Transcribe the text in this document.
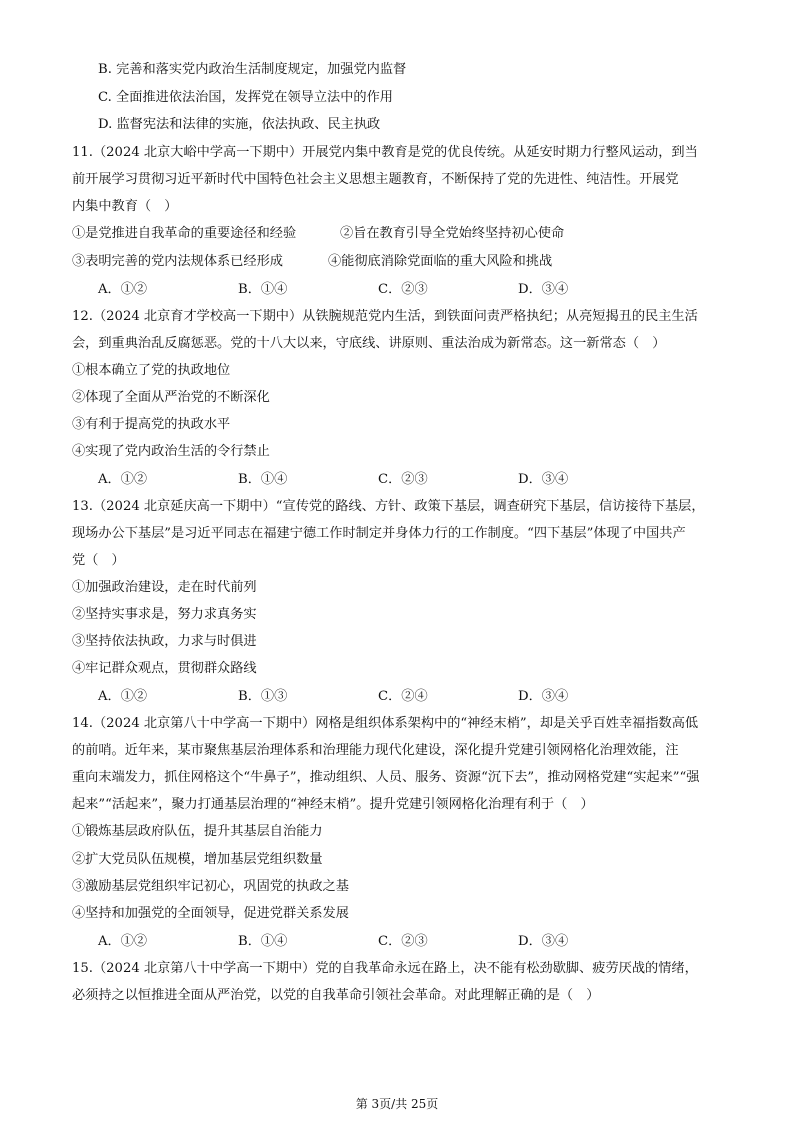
B. 完善和落实党内政治生活制度规定，加强党内监督
C. 全面推进依法治国，发挥党在领导立法中的作用
D. 监督宪法和法律的实施，依法执政、民主执政
11.（2024 北京大峪中学高一下期中）开展党内集中教育是党的优良传统。从延安时期力行整风运动，到当
前开展学习贯彻习近平新时代中国特色社会主义思想主题教育，不断保持了党的先进性、纯洁性。开展党
内集中教育（　）
①是党推进自我革命的重要途径和经验	②旨在教育引导全党始终坚持初心使命
③表明完善的党内法规体系已经形成	④能彻底消除党面临的重大风险和挑战
A．①②	B．①④	C．②③	D．③④
12.（2024 北京育才学校高一下期中）从铁腕规范党内生活，到铁面问责严格执纪；从亮短揭丑的民主生活
会，到重典治乱反腐惩恶。党的十八大以来，守底线、讲原则、重法治成为新常态。这一新常态（　）
①根本确立了党的执政地位
②体现了全面从严治党的不断深化
③有利于提高党的执政水平
④实现了党内政治生活的令行禁止
A．①②	B．①④	C．②③	D．③④
13.（2024 北京延庆高一下期中）“宣传党的路线、方针、政策下基层，调查研究下基层，信访接待下基层，
现场办公下基层”是习近平同志在福建宁德工作时制定并身体力行的工作制度。“四下基层”体现了中国共产
党（　）
①加强政治建设，走在时代前列
②坚持实事求是，努力求真务实
③坚持依法执政，力求与时俱进
④牢记群众观点，贯彻群众路线
A．①②	B．①③	C．②④	D．③④
14.（2024 北京第八十中学高一下期中）网格是组织体系架构中的“神经末梢”，却是关乎百姓幸福指数高低
的前哨。近年来，某市聚焦基层治理体系和治理能力现代化建设，深化提升党建引领网格化治理效能，注
重向末端发力，抓住网格这个“牛鼻子”，推动组织、人员、服务、资源“沉下去”，推动网格党建“实起来”“强
起来”“活起来”，聚力打通基层治理的“神经末梢”。提升党建引领网格化治理有利于（　）
①锻炼基层政府队伍，提升其基层自治能力
②扩大党员队伍规模，增加基层党组织数量
③激励基层党组织牢记初心，巩固党的执政之基
④坚持和加强党的全面领导，促进党群关系发展
A．①②	B．①④	C．②③	D．③④
15.（2024 北京第八十中学高一下期中）党的自我革命永远在路上，决不能有松劲歇脚、疲劳厌战的情绪，
必须持之以恒推进全面从严治党，以党的自我革命引领社会革命。对此理解正确的是（　）
第 3页/共 25页
